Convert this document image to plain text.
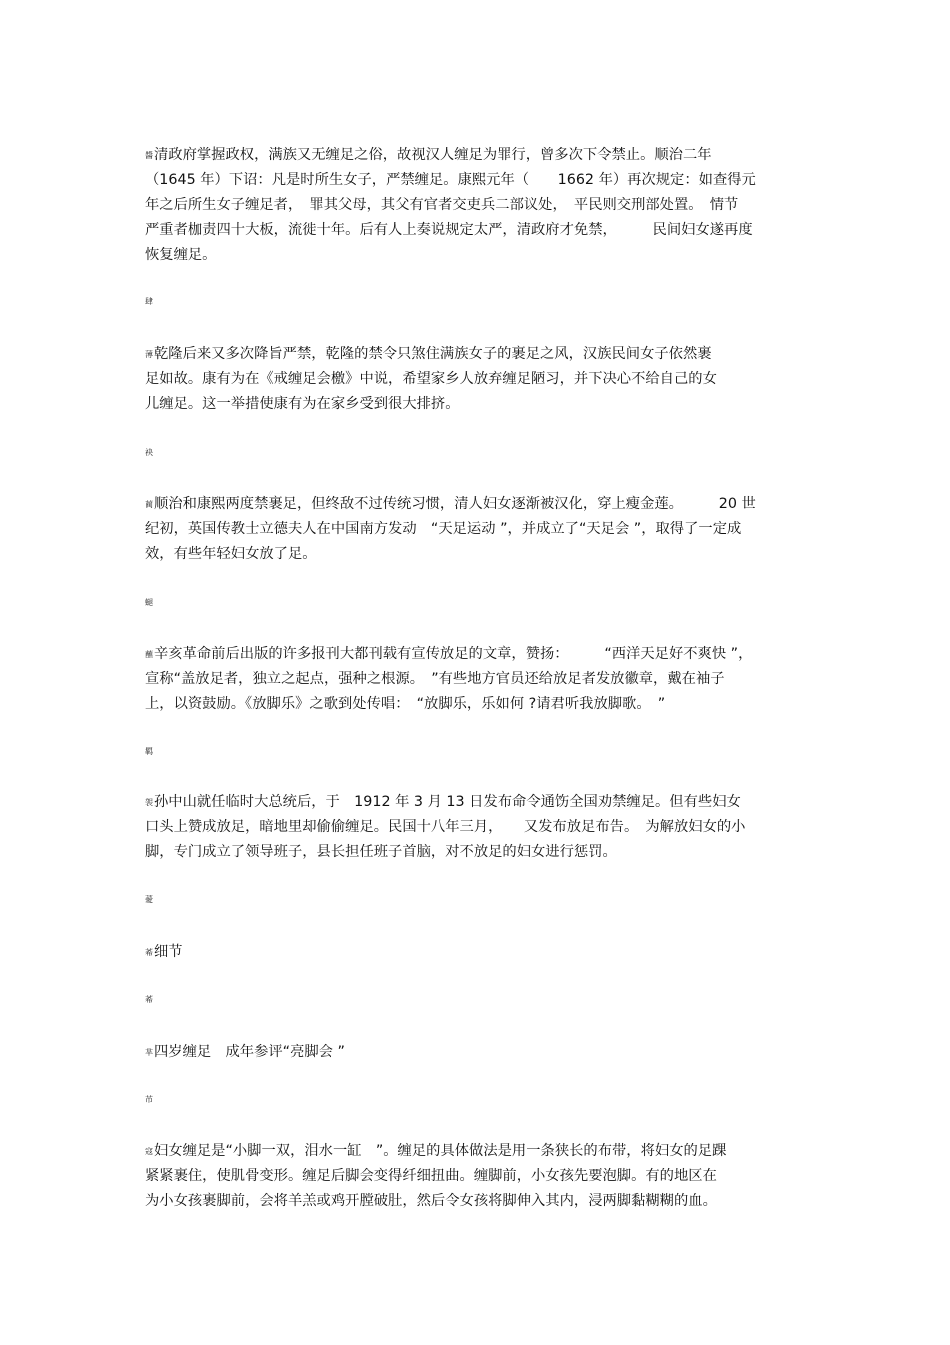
醬清政府掌握政权，满族又无缠足之俗，故视汉人缠足为罪行，曾多次下令禁止。顺治二年
（1645 年）下诏：凡是时所生女子，严禁缠足。康熙元年（　　1662 年）再次规定：如查得元
年之后所生女子缠足者，　罪其父母，其父有官者交吏兵二部议处，　平民则交刑部处置。　情节
严重者枷责四十大板，流徙十年。后有人上奏说规定太严，清政府才免禁，　　　民间妇女遂再度
恢复缠足。
肆
薄乾隆后来又多次降旨严禁，乾隆的禁令只煞住满族女子的裹足之风，汉族民间女子依然裹
足如故。康有为在《戒缠足会檄》中说，希望家乡人放弃缠足陋习，并下决心不给自己的女
儿缠足。这一举措使康有为在家乡受到很大排挤。
袂
蔺顺治和康熙两度禁裹足，但终敌不过传统习惯，清人妇女逐渐被汉化，穿上瘦金莲。　　　20 世
纪初，英国传教士立德夫人在中国南方发动　“天足运动 ”，并成立了“天足会 ”，取得了一定成
效，有些年轻妇女放了足。
螁
蘸辛亥革命前后出版的许多报刊大都刊载有宣传放足的文章，赞扬：　　　“西洋天足好不爽快 ”，
宣称“盖放足者，独立之起点，强种之根源。　”有些地方官员还给放足者发放徽章，戴在袖子
上，以资鼓励。《放脚乐》之歌到处传唱：　“放脚乐，乐如何 ?请君听我放脚歌。　”
羁
袈孙中山就任临时大总统后，于　1912 年 3 月 13 日发布命令通饬全国劝禁缠足。但有些妇女
口头上赞成放足，暗地里却偷偷缠足。民国十八年三月，　　又发布放足布告。　为解放妇女的小
脚，专门成立了领导班子，县长担任班子首脑，对不放足的妇女进行惩罚。
薆
莃细节
莃
芈四岁缠足　成年参评“亮脚会 ”
芇
寇妇女缠足是“小脚一双，泪水一缸　”。缠足的具体做法是用一条狭长的布带，将妇女的足踝
紧紧裹住，使肌骨变形。缠足后脚会变得纤细扭曲。缠脚前，小女孩先要泡脚。有的地区在
为小女孩裹脚前，会将羊羔或鸡开膛破肚，然后令女孩将脚伸入其内，浸两脚黏糊糊的血。
